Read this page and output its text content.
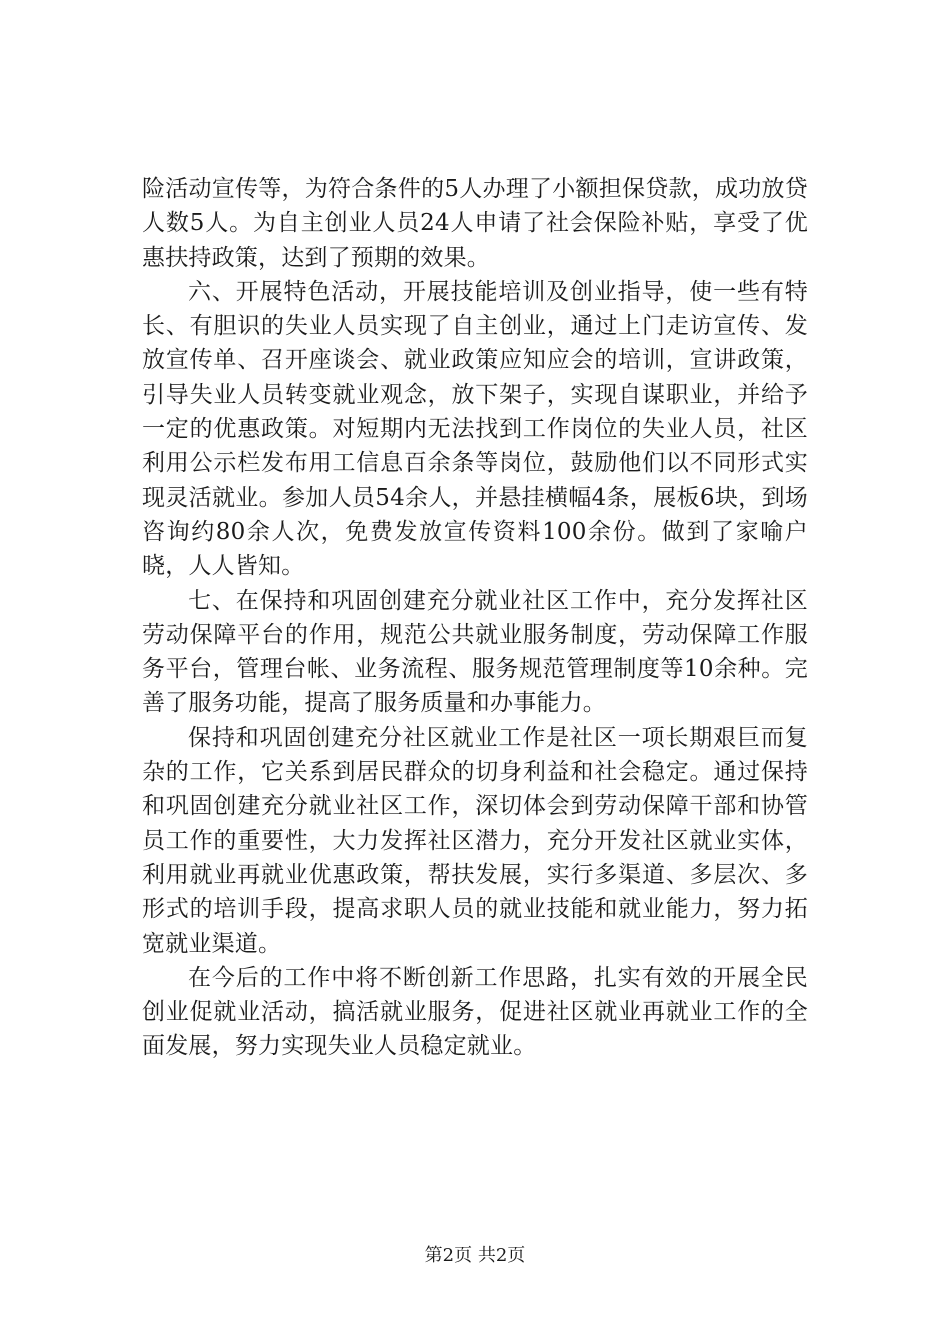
险活动宣传等，为符合条件的5人办理了小额担保贷款，成功放贷人数5人。为自主创业人员24人申请了社会保险补贴，享受了优惠扶持政策，达到了预期的效果。

六、开展特色活动，开展技能培训及创业指导，使一些有特长、有胆识的失业人员实现了自主创业，通过上门走访宣传、发放宣传单、召开座谈会、就业政策应知应会的培训，宣讲政策，引导失业人员转变就业观念，放下架子，实现自谋职业，并给予一定的优惠政策。对短期内无法找到工作岗位的失业人员，社区利用公示栏发布用工信息百余条等岗位，鼓励他们以不同形式实现灵活就业。参加人员54余人，并悬挂横幅4条，展板6块，到场咨询约80余人次，免费发放宣传资料100余份。做到了家喻户晓，人人皆知。

七、在保持和巩固创建充分就业社区工作中，充分发挥社区劳动保障平台的作用，规范公共就业服务制度，劳动保障工作服务平台，管理台帐、业务流程、服务规范管理制度等10余种。完善了服务功能，提高了服务质量和办事能力。

保持和巩固创建充分社区就业工作是社区一项长期艰巨而复杂的工作，它关系到居民群众的切身利益和社会稳定。通过保持和巩固创建充分就业社区工作，深切体会到劳动保障干部和协管员工作的重要性，大力发挥社区潜力，充分开发社区就业实体，利用就业再就业优惠政策，帮扶发展，实行多渠道、多层次、多形式的培训手段，提高求职人员的就业技能和就业能力，努力拓宽就业渠道。

在今后的工作中将不断创新工作思路，扎实有效的开展全民创业促就业活动，搞活就业服务，促进社区就业再就业工作的全面发展，努力实现失业人员稳定就业。

第2页 共2页
